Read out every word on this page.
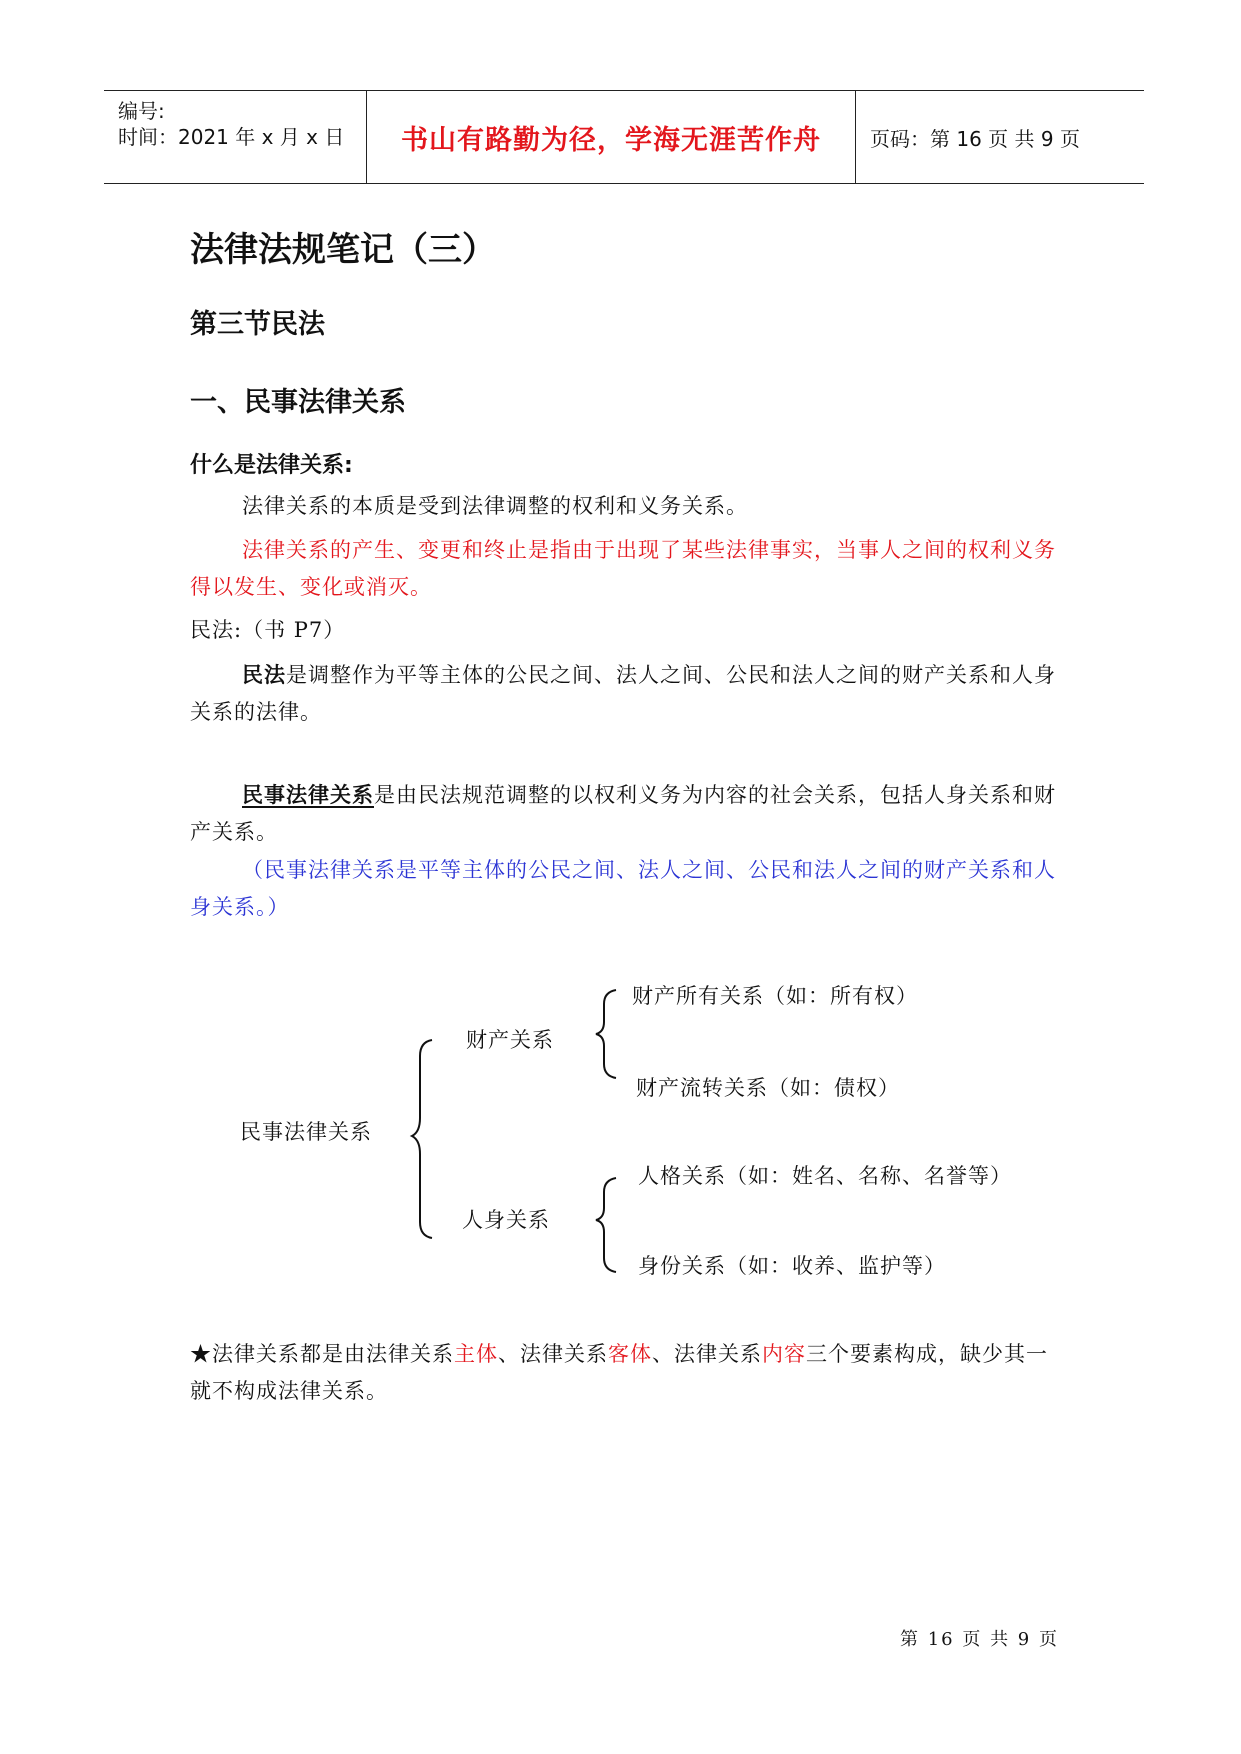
编号:
时间：2021 年 x 月 x 日 书山有路勤为径，学海无涯苦作舟 页码：第 16 页 共 9 页
法律法规笔记（三）
第三节民法
一、民事法律关系
什么是法律关系:
法律关系的本质是受到法律调整的权利和义务关系。
法律关系的产生、变更和终止是指由于出现了某些法律事实，当事人之间的权利义务得以发生、变化或消灭。
民法:（书 P7）
民法是调整作为平等主体的公民之间、法人之间、公民和法人之间的财产关系和人身关系的法律。
民事法律关系是由民法规范调整的以权利义务为内容的社会关系，包括人身关系和财产关系。
（民事法律关系是平等主体的公民之间、法人之间、公民和法人之间的财产关系和人身关系。）
民事法律关系
财产关系
财产所有关系（如：所有权）
财产流转关系（如：债权）
人身关系
人格关系（如：姓名、名称、名誉等）
身份关系（如：收养、监护等）
★法律关系都是由法律关系主体、法律关系客体、法律关系内容三个要素构成，缺少其一就不构成法律关系。
第 16 页 共 9 页
